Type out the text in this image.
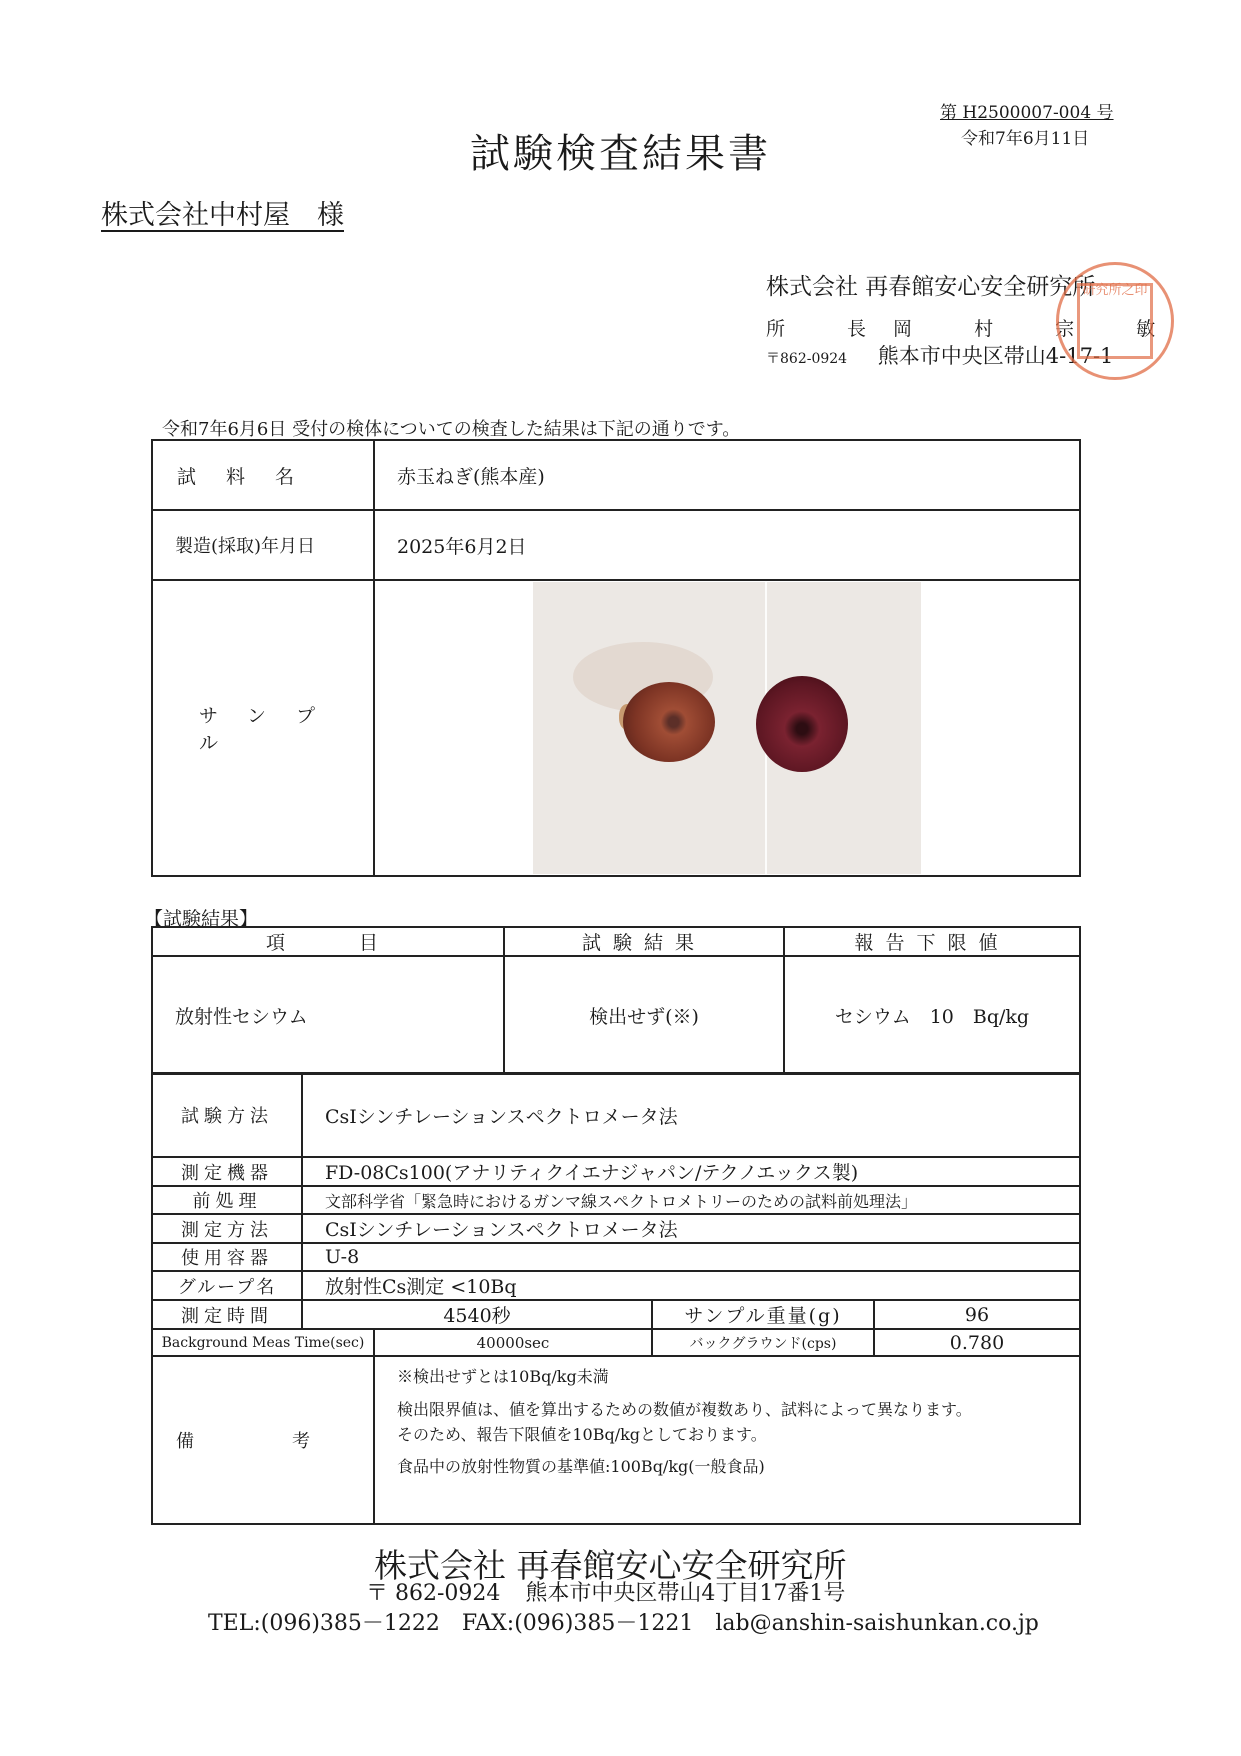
第 H2500007-004 号
令和7年6月11日
試験検査結果書
株式会社中村屋　様
株式会社 再春館安心安全研究所
所 長 岡 村 宗 敏
〒862-0924 熊本市中央区帯山4-17-1
研究所之印
令和7年6月6日 受付の検体についての検査した結果は下記の通りです。
試料名	赤玉ねぎ(熊本産)
製造(採取)年月日	2025年6月2日
サンプル	
【試験結果】
項　　目	試験結果	報告下限値
放射性セシウム	検出せず(※)	セシウム　10　Bq/kg
試験方法	CsIシンチレーションスペクトロメータ法			
測定機器	FD-08Cs100(アナリティクイエナジャパン/テクノエックス製)			
前処理	文部科学省「緊急時におけるガンマ線スペクトロメトリーのための試料前処理法」			
測定方法	CsIシンチレーションスペクトロメータ法			
使用容器	U-8			
グループ名	放射性Cs測定 <10Bq			
測定時間	4540秒		サンプル重量(g)	96
Background Meas Time(sec)		40000sec	バックグラウンド(cps)	0.780
備　考		※検出せずとは10Bq/kg未満

検出限界値は、値を算出するための数値が複数あり、試料によって異なります。

そのため、報告下限値を10Bq/kgとしております。

食品中の放射性物質の基準値:100Bq/kg(一般食品)		

株式会社 再春館安心安全研究所
〒 862-0924 熊本市中央区帯山4丁目17番1号
TEL:(096)385－1222　FAX:(096)385－1221　lab@anshin-saishunkan.co.jp
